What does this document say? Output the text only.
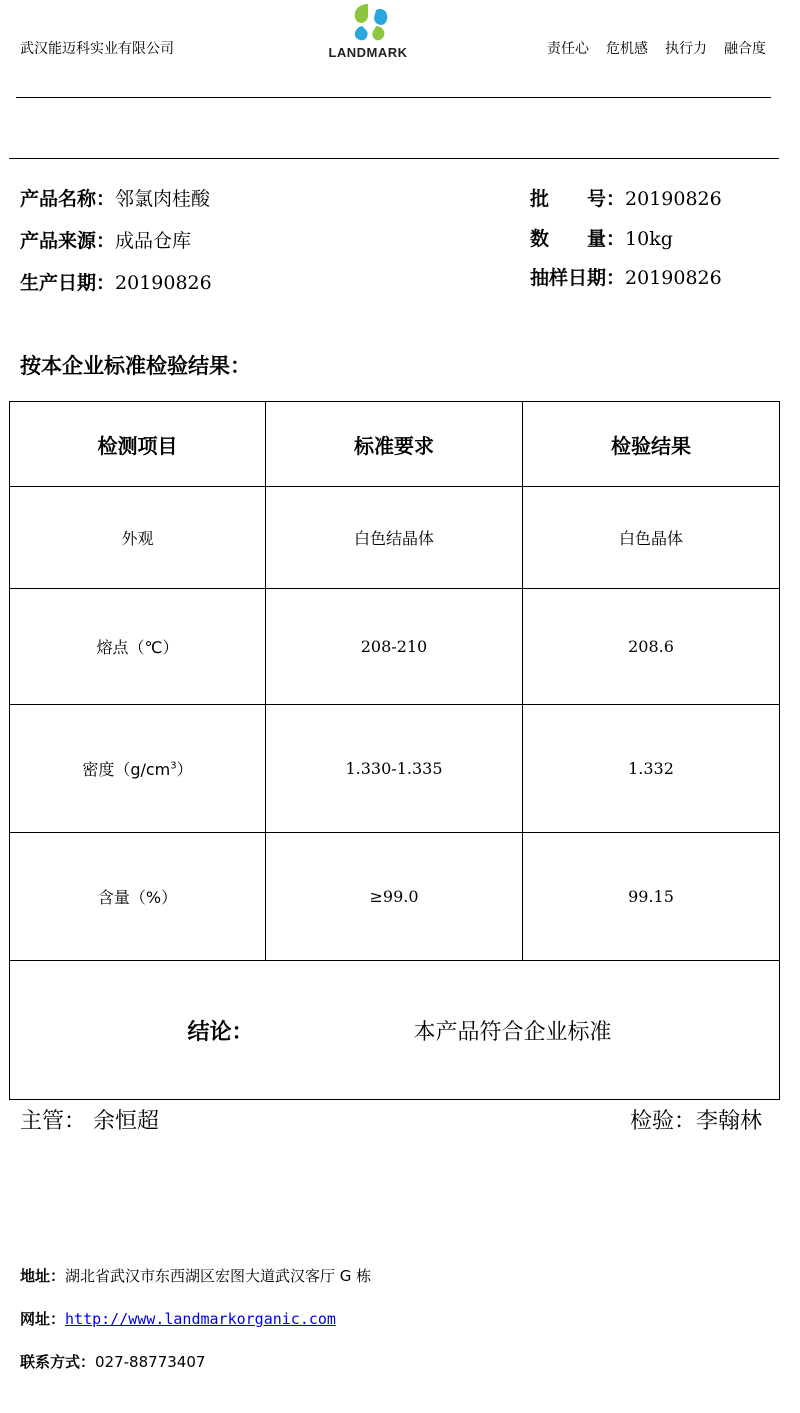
武汉能迈科实业有限公司	LANDMARK	责任心 危机感 执行力 融合度
产品名称：邻氯肉桂酸
产品来源：成品仓库
生产日期：20190826
批　　号：20190826
数　　量：10kg
抽样日期：20190826
按本企业标准检验结果：
检测项目	标准要求	检验结果
外观	白色结晶体	白色晶体
熔点（℃）	208-210	208.6
密度$(g/cm^3)$	1.330-1.335	1.332
含量（%）	≥99.0	99.15
结论： 本产品符合企业标准		
主管： 余恒超	检验：李翰林
地址：湖北省武汉市东西湖区宏图大道武汉客厅 G 栋
网址：http://www.landmarkorganic.com
联系方式：027-88773407
